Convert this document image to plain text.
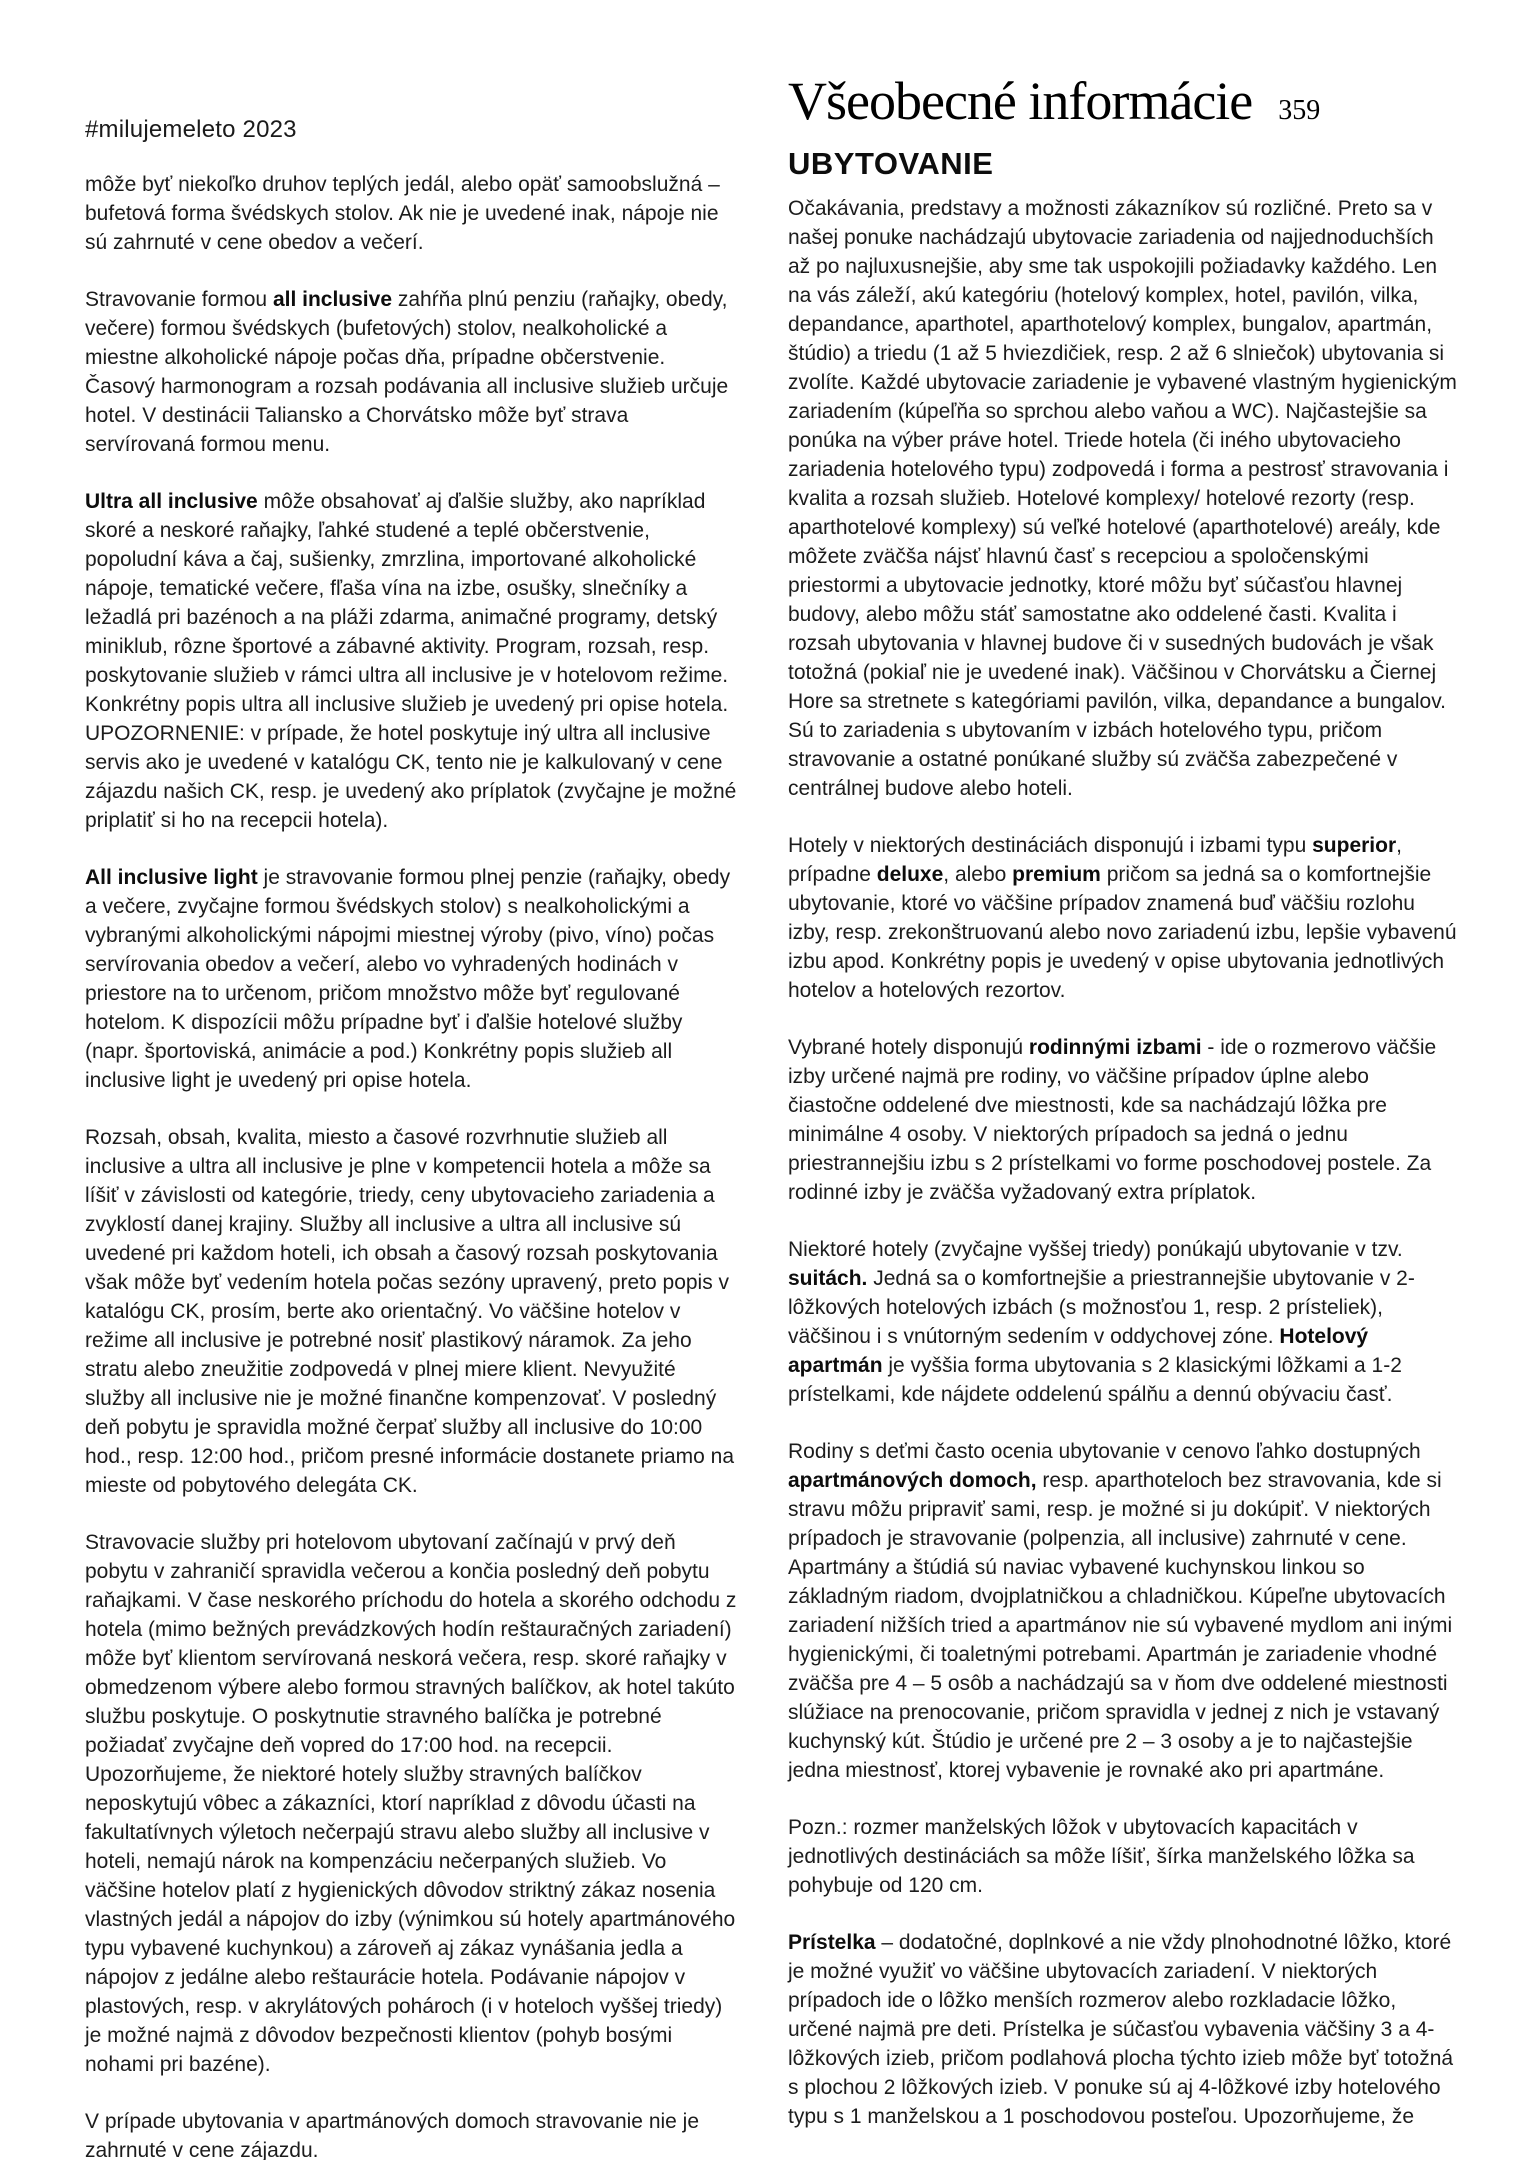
#milujemeleto 2023

môže byť niekoľko druhov teplých jedál, alebo opäť samoobslužná – bufetová forma švédskych stolov. Ak nie je uvedené inak, nápoje nie sú zahrnuté v cene obedov a večerí.

Stravovanie formou all inclusive zahŕňa plnú penziu (raňajky, obedy, večere) formou švédskych (bufetových) stolov, nealkoholické a miestne alkoholické nápoje počas dňa, prípadne občerstvenie. Časový harmonogram a rozsah podávania all inclusive služieb určuje hotel. V destinácii Taliansko a Chorvátsko môže byť strava servírovaná formou menu.

Ultra all inclusive môže obsahovať aj ďalšie služby, ako napríklad skoré a neskoré raňajky, ľahké studené a teplé občerstvenie, popoludní káva a čaj, sušienky, zmrzlina, importované alkoholické nápoje, tematické večere, fľaša vína na izbe, osušky, slnečníky a ležadlá pri bazénoch a na pláži zdarma, animačné programy, detský miniklub, rôzne športové a zábavné aktivity. Program, rozsah, resp. poskytovanie služieb v rámci ultra all inclusive je v hotelovom režime. Konkrétny popis ultra all inclusive služieb je uvedený pri opise hotela. UPOZORNENIE: v prípade, že hotel poskytuje iný ultra all inclusive servis ako je uvedené v katalógu CK, tento nie je kalkulovaný v cene zájazdu našich CK, resp. je uvedený ako príplatok (zvyčajne je možné priplatiť si ho na recepcii hotela).

All inclusive light je stravovanie formou plnej penzie (raňajky, obedy a večere, zvyčajne formou švédskych stolov) s nealkoholickými a vybranými alkoholickými nápojmi miestnej výroby (pivo, víno) počas servírovania obedov a večerí, alebo vo vyhradených hodinách v priestore na to určenom, pričom množstvo môže byť regulované hotelom. K dispozícii môžu prípadne byť i ďalšie hotelové služby (napr. športoviská, animácie a pod.) Konkrétny popis služieb all inclusive light je uvedený pri opise hotela.

Rozsah, obsah, kvalita, miesto a časové rozvrhnutie služieb all inclusive a ultra all inclusive je plne v kompetencii hotela a môže sa líšiť v závislosti od kategórie, triedy, ceny ubytovacieho zariadenia a zvyklostí danej krajiny. Služby all inclusive a ultra all inclusive sú uvedené pri každom hoteli, ich obsah a časový rozsah poskytovania však môže byť vedením hotela počas sezóny upravený, preto popis v katalógu CK, prosím, berte ako orientačný. Vo väčšine hotelov v režime all inclusive je potrebné nosiť plastikový náramok. Za jeho stratu alebo zneužitie zodpovedá v plnej miere klient. Nevyužité služby all inclusive nie je možné finančne kompenzovať. V posledný deň pobytu je spravidla možné čerpať služby all inclusive do 10:00 hod., resp. 12:00 hod., pričom presné informácie dostanete priamo na mieste od pobytového delegáta CK.

Stravovacie služby pri hotelovom ubytovaní začínajú v prvý deň pobytu v zahraničí spravidla večerou a končia posledný deň pobytu raňajkami. V čase neskorého príchodu do hotela a skorého odchodu z hotela (mimo bežných prevádzkových hodín reštauračných zariadení) môže byť klientom servírovaná neskorá večera, resp. skoré raňajky v obmedzenom výbere alebo formou stravných balíčkov, ak hotel takúto službu poskytuje. O poskytnutie stravného balíčka je potrebné požiadať zvyčajne deň vopred do 17:00 hod. na recepcii. Upozorňujeme, že niektoré hotely služby stravných balíčkov neposkytujú vôbec a zákazníci, ktorí napríklad z dôvodu účasti na fakultatívnych výletoch nečerpajú stravu alebo služby all inclusive v hoteli, nemajú nárok na kompenzáciu nečerpaných služieb. Vo väčšine hotelov platí z hygienických dôvodov striktný zákaz nosenia vlastných jedál a nápojov do izby (výnimkou sú hotely apartmánového typu vybavené kuchynkou) a zároveň aj zákaz vynášania jedla a nápojov z jedálne alebo reštaurácie hotela. Podávanie nápojov v plastových, resp. v akrylátových pohároch (i v hoteloch vyššej triedy) je možné najmä z dôvodov bezpečnosti klientov (pohyb bosými nohami pri bazéne).

V prípade ubytovania v apartmánových domoch stravovanie nie je zahrnuté v cene zájazdu.

Všeobecné informácie 359
UBYTOVANIE

Očakávania, predstavy a možnosti zákazníkov sú rozličné. Preto sa v našej ponuke nachádzajú ubytovacie zariadenia od najjednoduchších až po najluxusnejšie, aby sme tak uspokojili požiadavky každého. Len na vás záleží, akú kategóriu (hotelový komplex, hotel, pavilón, vilka, depandance, aparthotel, aparthotelový komplex, bungalov, apartmán, štúdio) a triedu (1 až 5 hviezdičiek, resp. 2 až 6 slniečok) ubytovania si zvolíte. Každé ubytovacie zariadenie je vybavené vlastným hygienickým zariadením (kúpeľňa so sprchou alebo vaňou a WC). Najčastejšie sa ponúka na výber práve hotel. Triede hotela (či iného ubytovacieho zariadenia hotelového typu) zodpovedá i forma a pestrosť stravovania i kvalita a rozsah služieb. Hotelové komplexy/ hotelové rezorty (resp. aparthotelové komplexy) sú veľké hotelové (aparthotelové) areály, kde môžete zväčša nájsť hlavnú časť s recepciou a spoločenskými priestormi a ubytovacie jednotky, ktoré môžu byť súčasťou hlavnej budovy, alebo môžu stáť samostatne ako oddelené časti. Kvalita i rozsah ubytovania v hlavnej budove či v susedných budovách je však totožná (pokiaľ nie je uvedené inak). Väčšinou v Chorvátsku a Čiernej Hore sa stretnete s kategóriami pavilón, vilka, depandance a bungalov. Sú to zariadenia s ubytovaním v izbách hotelového typu, pričom stravovanie a ostatné ponúkané služby sú zväčša zabezpečené v centrálnej budove alebo hoteli.

Hotely v niektorých destináciách disponujú i izbami typu superior, prípadne deluxe, alebo premium pričom sa jedná sa o komfortnejšie ubytovanie, ktoré vo väčšine prípadov znamená buď väčšiu rozlohu izby, resp. zrekonštruovanú alebo novo zariadenú izbu, lepšie vybavenú izbu apod. Konkrétny popis je uvedený v opise ubytovania jednotlivých hotelov a hotelových rezortov.

Vybrané hotely disponujú rodinnými izbami - ide o rozmerovo väčšie izby určené najmä pre rodiny, vo väčšine prípadov úplne alebo čiastočne oddelené dve miestnosti, kde sa nachádzajú lôžka pre minimálne 4 osoby. V niektorých prípadoch sa jedná o jednu priestrannejšiu izbu s 2 prístelkami vo forme poschodovej postele. Za rodinné izby je zväčša vyžadovaný extra príplatok.

Niektoré hotely (zvyčajne vyššej triedy) ponúkajú ubytovanie v tzv. suitách. Jedná sa o komfortnejšie a priestrannejšie ubytovanie v 2-lôžkových hotelových izbách (s možnosťou 1, resp. 2 prísteliek), väčšinou i s vnútorným sedením v oddychovej zóne. Hotelový apartmán je vyššia forma ubytovania s 2 klasickými lôžkami a 1-2 prístelkami, kde nájdete oddelenú spálňu a dennú obývaciu časť.

Rodiny s deťmi často ocenia ubytovanie v cenovo ľahko dostupných apartmánových domoch, resp. aparthoteloch bez stravovania, kde si stravu môžu pripraviť sami, resp. je možné si ju dokúpiť. V niektorých prípadoch je stravovanie (polpenzia, all inclusive) zahrnuté v cene. Apartmány a štúdiá sú naviac vybavené kuchynskou linkou so základným riadom, dvojplatničkou a chladničkou. Kúpeľne ubytovacích zariadení nižších tried a apartmánov nie sú vybavené mydlom ani inými hygienickými, či toaletnými potrebami. Apartmán je zariadenie vhodné zväčša pre 4 – 5 osôb a nachádzajú sa v ňom dve oddelené miestnosti slúžiace na prenocovanie, pričom spravidla v jednej z nich je vstavaný kuchynský kút. Štúdio je určené pre 2 – 3 osoby a je to najčastejšie jedna miestnosť, ktorej vybavenie je rovnaké ako pri apartmáne.

Pozn.: rozmer manželských lôžok v ubytovacích kapacitách v jednotlivých destináciách sa môže líšiť, šírka manželského lôžka sa pohybuje od 120 cm.

Prístelka – dodatočné, doplnkové a nie vždy plnohodnotné lôžko, ktoré je možné využiť vo väčšine ubytovacích zariadení. V niektorých prípadoch ide o lôžko menších rozmerov alebo rozkladacie lôžko, určené najmä pre deti. Prístelka je súčasťou vybavenia väčšiny 3 a 4-lôžkových izieb, pričom podlahová plocha týchto izieb môže byť totožná s plochou 2 lôžkových izieb. V ponuke sú aj 4-lôžkové izby hotelového typu s 1 manželskou a 1 poschodovou posteľou. Upozorňujeme, že
